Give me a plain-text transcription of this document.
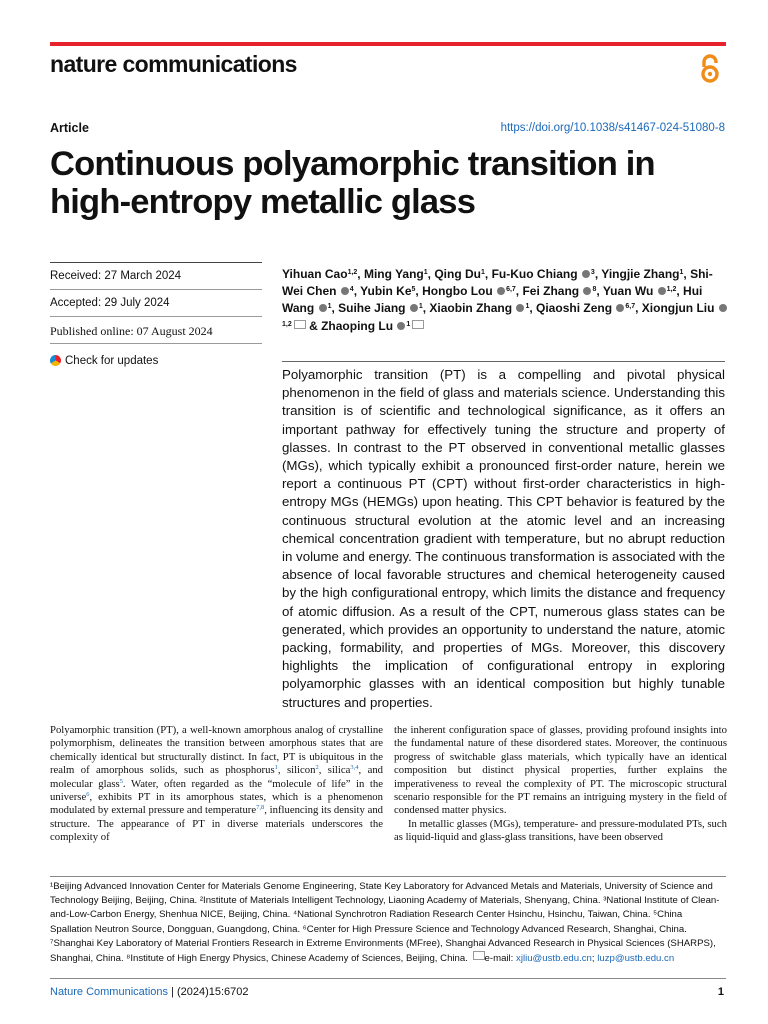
nature communications
Article	https://doi.org/10.1038/s41467-024-51080-8
Continuous polyamorphic transition in high-entropy metallic glass
Received: 27 March 2024
Accepted: 29 July 2024
Published online: 07 August 2024
Check for updates
Yihuan Cao$^{1,2}$, Ming Yang$^1$, Qing Du$^1$, Fu-Kuo Chiang $^3$, Yingjie Zhang$^1$, Shi-Wei Chen $^4$, Yubin Ke$^5$, Hongbo Lou $^{6,7}$, Fei Zhang $^8$, Yuan Wu $^{1,2}$, Hui Wang $^1$, Suihe Jiang $^1$, Xiaobin Zhang $^1$, Qiaoshi Zeng $^{6,7}$, Xiongjun Liu $^{1,2}$ & Zhaoping Lu $^1$

Polyamorphic transition (PT) is a compelling and pivotal physical phenomenon in the field of glass and materials science. Understanding this transition is of scientific and technological significance, as it offers an important pathway for effectively tuning the structure and property of glasses. In contrast to the PT observed in conventional metallic glasses (MGs), which typically exhibit a pronounced first-order nature, herein we report a continuous PT (CPT) without first-order characteristics in high-entropy MGs (HEMGs) upon heating. This CPT behavior is featured by the continuous structural evolution at the atomic level and an increasing chemical concentration gradient with temperature, but no abrupt reduction in volume and energy. The continuous transformation is associated with the absence of local favorable structures and chemical heterogeneity caused by the high configurational entropy, which limits the distance and frequency of atomic diffusion. As a result of the CPT, numerous glass states can be generated, which provides an opportunity to understand the nature, atomic packing, formability, and properties of MGs. Moreover, this discovery highlights the implication of configurational entropy in exploring polyamorphic glasses with an identical composition but highly tunable structures and properties.

Polyamorphic transition (PT), a well-known amorphous analog of crystalline polymorphism, delineates the transition between amorphous states that are chemically identical but structurally distinct. In fact, PT is ubiquitous in the realm of amorphous solids, such as phosphorus$^1$, silicon$^2$, silica$^{3,4}$, and molecular glass$^5$. Water, often regarded as the “molecule of life” in the universe$^6$, exhibits PT in its amorphous states, which is a phenomenon modulated by external pressure and temperature$^{7,8}$, influencing its density and structure. The appearance of PT in diverse materials underscores the complexity of

the inherent configuration space of glasses, providing profound insights into the fundamental nature of these disordered states. Moreover, the continuous progress of switchable glass materials, which typically have an identical composition but distinct physical properties, further explains the imperativeness to reveal the complexity of PT. The microscopic structural scenario responsible for the PT remains an intriguing mystery in the field of condensed matter physics.

In metallic glasses (MGs), temperature- and pressure-modulated PTs, such as liquid-liquid and glass-glass transitions, have been observed

¹Beijing Advanced Innovation Center for Materials Genome Engineering, State Key Laboratory for Advanced Metals and Materials, University of Science and Technology Beijing, Beijing, China. ²Institute of Materials Intelligent Technology, Liaoning Academy of Materials, Shenyang, China. ³National Institute of Clean-and-Low-Carbon Energy, Shenhua NICE, Beijing, China. ⁴National Synchrotron Radiation Research Center Hsinchu, Hsinchu, Taiwan, China. ⁵China Spallation Neutron Source, Dongguan, Guangdong, China. ⁶Center for High Pressure Science and Technology Advanced Research, Shanghai, China. ⁷Shanghai Key Laboratory of Material Frontiers Research in Extreme Environments (MFree), Shanghai Advanced Research in Physical Sciences (SHARPS), Shanghai, China. ⁸Institute of High Energy Physics, Chinese Academy of Sciences, Beijing, China. e-mail: xjliu@ustb.edu.cn; luzp@ustb.edu.cn

Nature Communications | (2024)15:6702	1
